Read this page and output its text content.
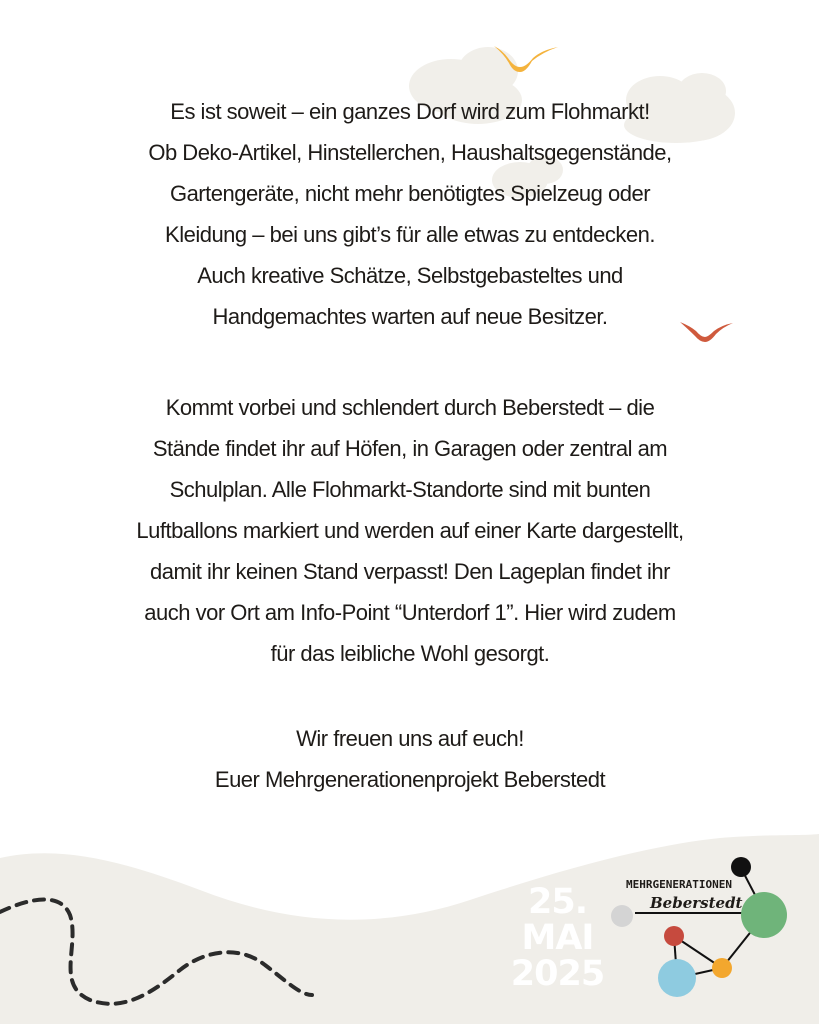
Es ist soweit – ein ganzes Dorf wird zum Flohmarkt!
Ob Deko-Artikel, Hinstellerchen, Haushaltsgegenstände,
Gartengeräte, nicht mehr benötigtes Spielzeug oder
Kleidung – bei uns gibt’s für alle etwas zu entdecken.
Auch kreative Schätze, Selbstgebasteltes und
Handgemachtes warten auf neue Besitzer.
Kommt vorbei und schlendert durch Beberstedt – die
Stände findet ihr auf Höfen, in Garagen oder zentral am
Schulplan. Alle Flohmarkt-Standorte sind mit bunten
Luftballons markiert und werden auf einer Karte dargestellt,
damit ihr keinen Stand verpasst! Den Lageplan findet ihr
auch vor Ort am Info-Point “Unterdorf 1”. Hier wird zudem
für das leibliche Wohl gesorgt.
Wir freuen uns auf euch!
Euer Mehrgenerationenprojekt Beberstedt
25.
MAI
2025
MEHRGENERATIONEN
Beberstedt
